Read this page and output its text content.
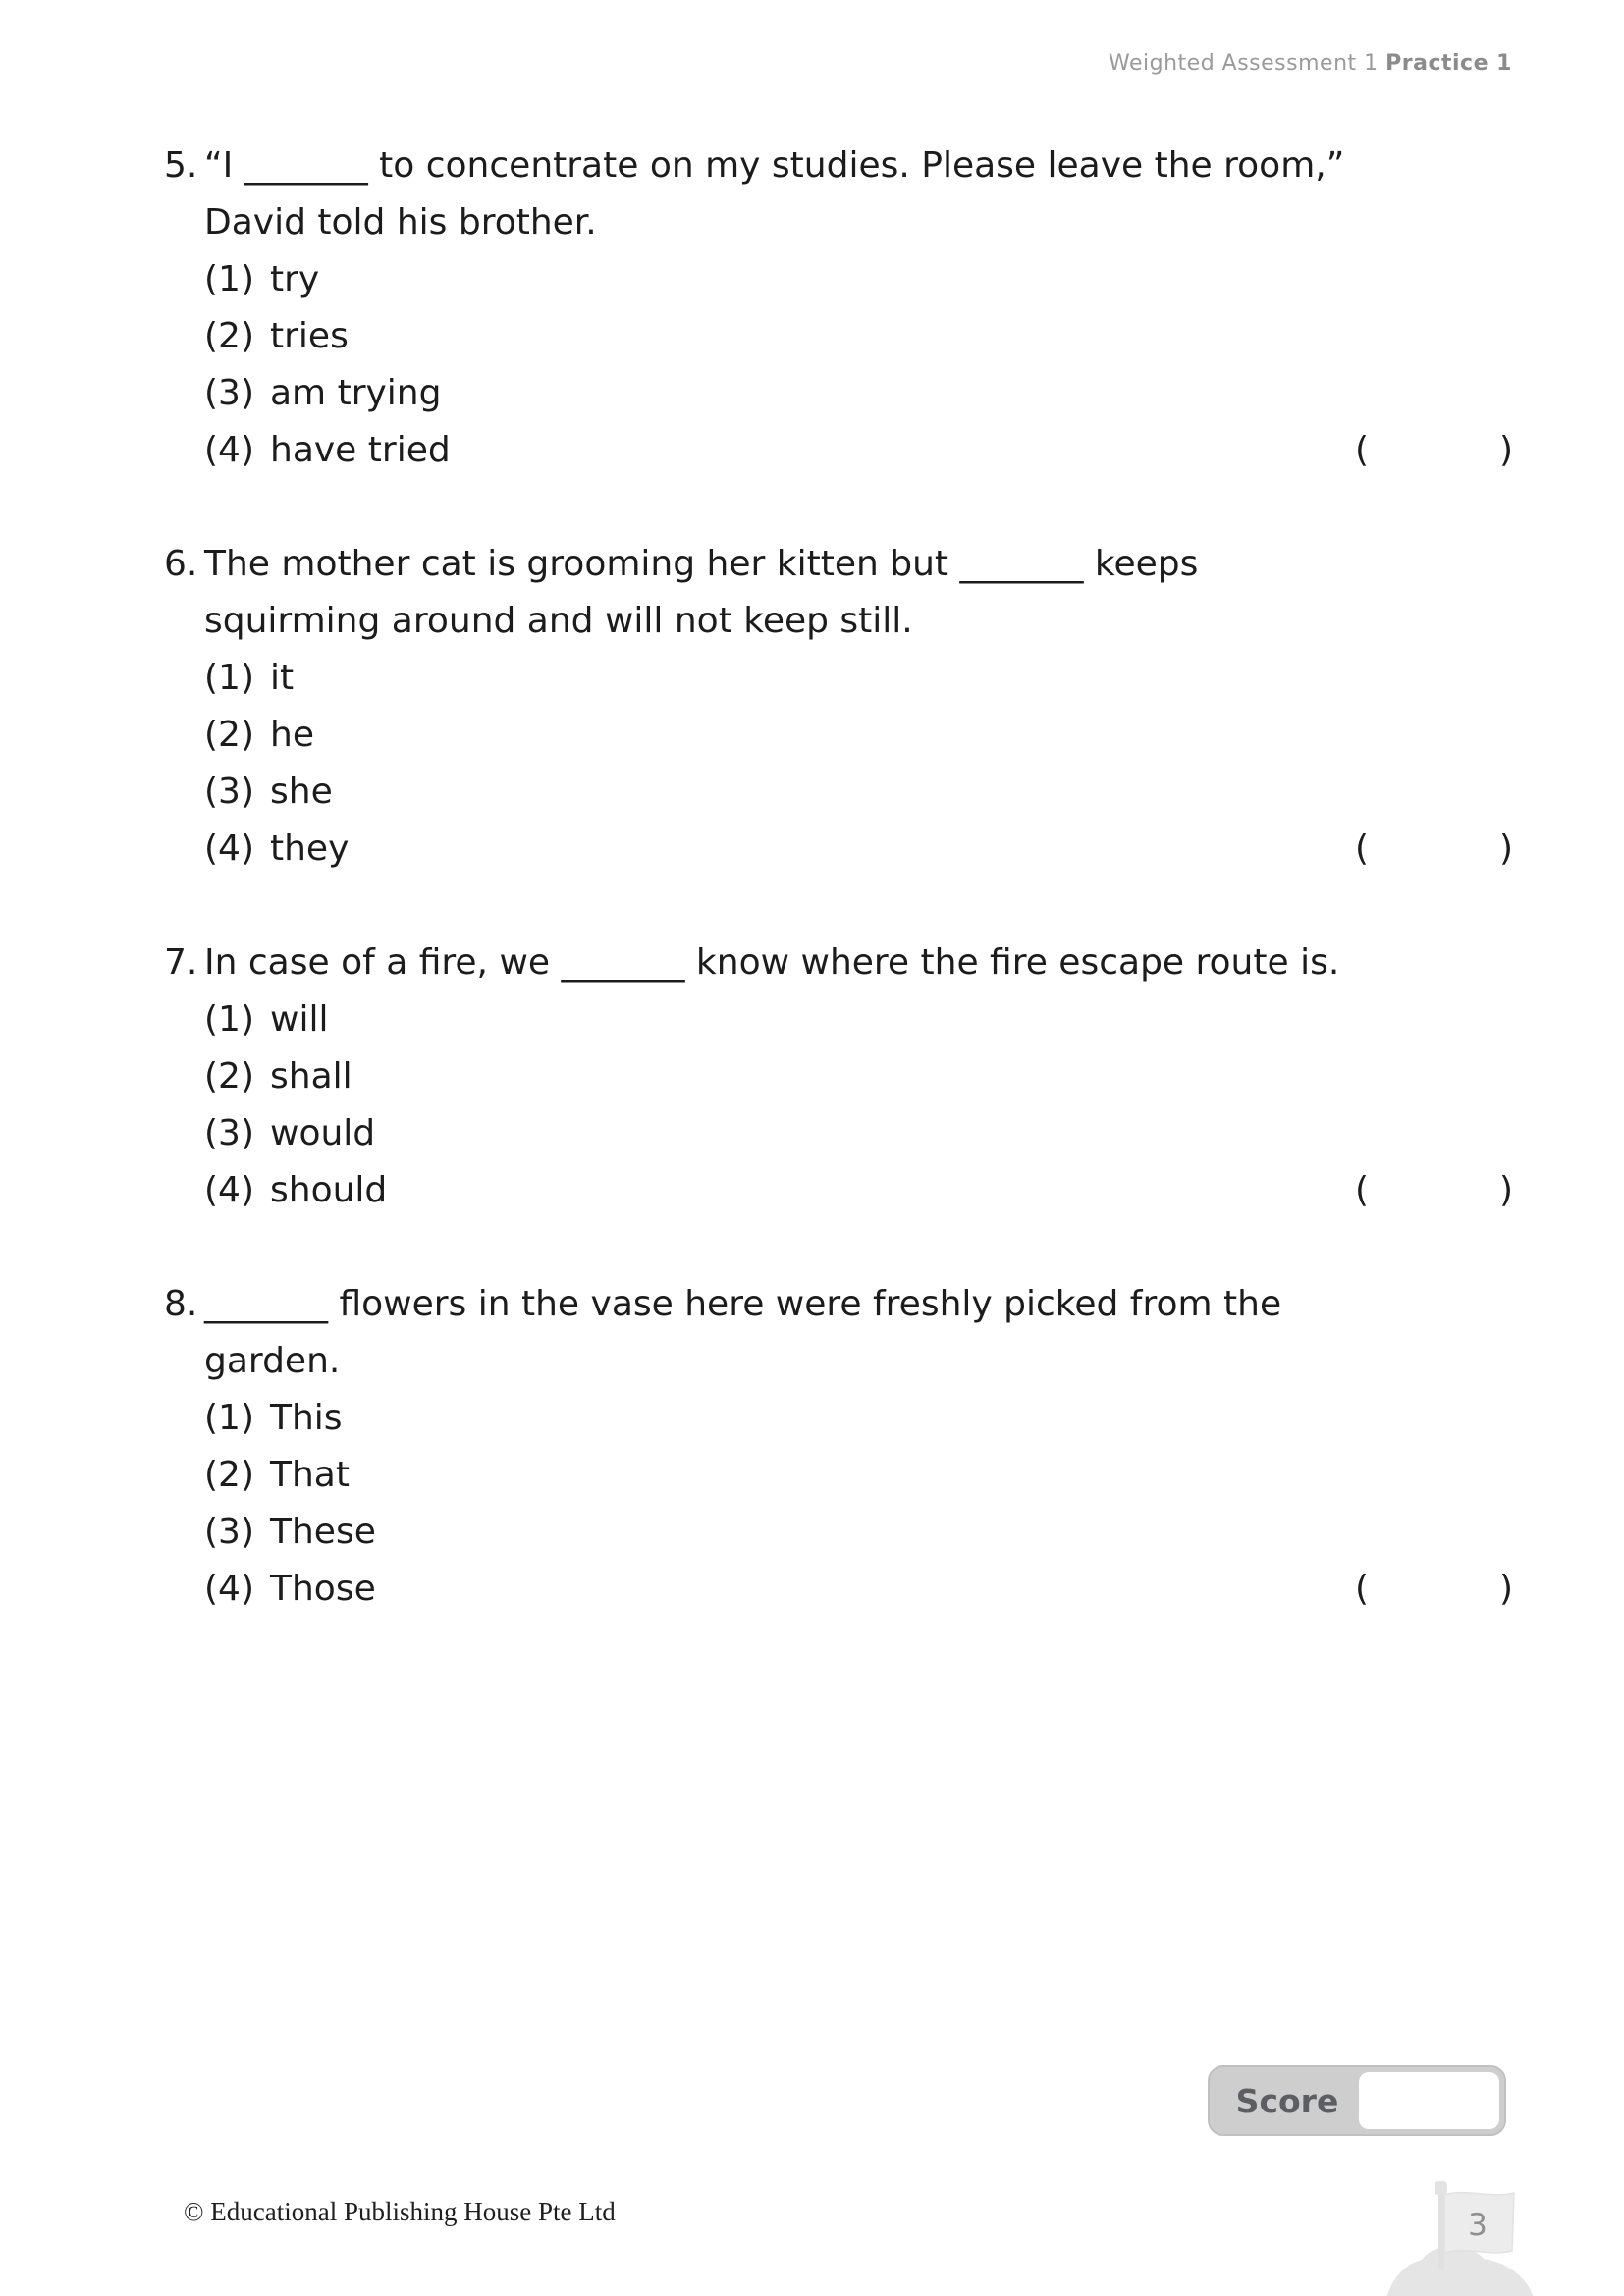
Weighted Assessment 1 Practice 1
5. “I _______ to concentrate on my studies. Please leave the room,”
David told his brother.
(1) try
(2) tries
(3) am trying
(4) have tried	(	)
6. The mother cat is grooming her kitten but _______ keeps
squirming around and will not keep still.
(1) it
(2) he
(3) she
(4) they	(	)
7. In case of a fire, we _______ know where the fire escape route is.
(1) will
(2) shall
(3) would
(4) should	(	)
8. _______ flowers in the vase here were freshly picked from the
garden.
(1) This
(2) That
(3) These
(4) Those	(	)
Score
© Educational Publishing House Pte Ltd	3
